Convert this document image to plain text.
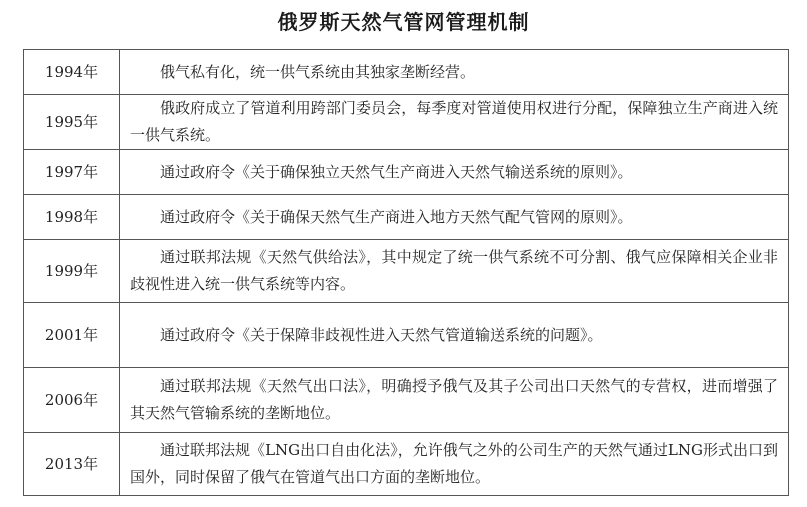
俄罗斯天然气管网管理机制
1994年	俄气私有化，统一供气系统由其独家垄断经营。
1995年	俄政府成立了管道利用跨部门委员会，每季度对管道使用权进行分配，保障独立生产商进入统一供气系统。
1997年	通过政府令《关于确保独立天然气生产商进入天然气输送系统的原则》。
1998年	通过政府令《关于确保天然气生产商进入地方天然气配气管网的原则》。
1999年	通过联邦法规《天然气供给法》，其中规定了统一供气系统不可分割、俄气应保障相关企业非歧视性进入统一供气系统等内容。
2001年	通过政府令《关于保障非歧视性进入天然气管道输送系统的问题》。
2006年	通过联邦法规《天然气出口法》，明确授予俄气及其子公司出口天然气的专营权，进而增强了其天然气管输系统的垄断地位。
2013年	通过联邦法规《LNG出口自由化法》，允许俄气之外的公司生产的天然气通过LNG形式出口到国外，同时保留了俄气在管道气出口方面的垄断地位。
